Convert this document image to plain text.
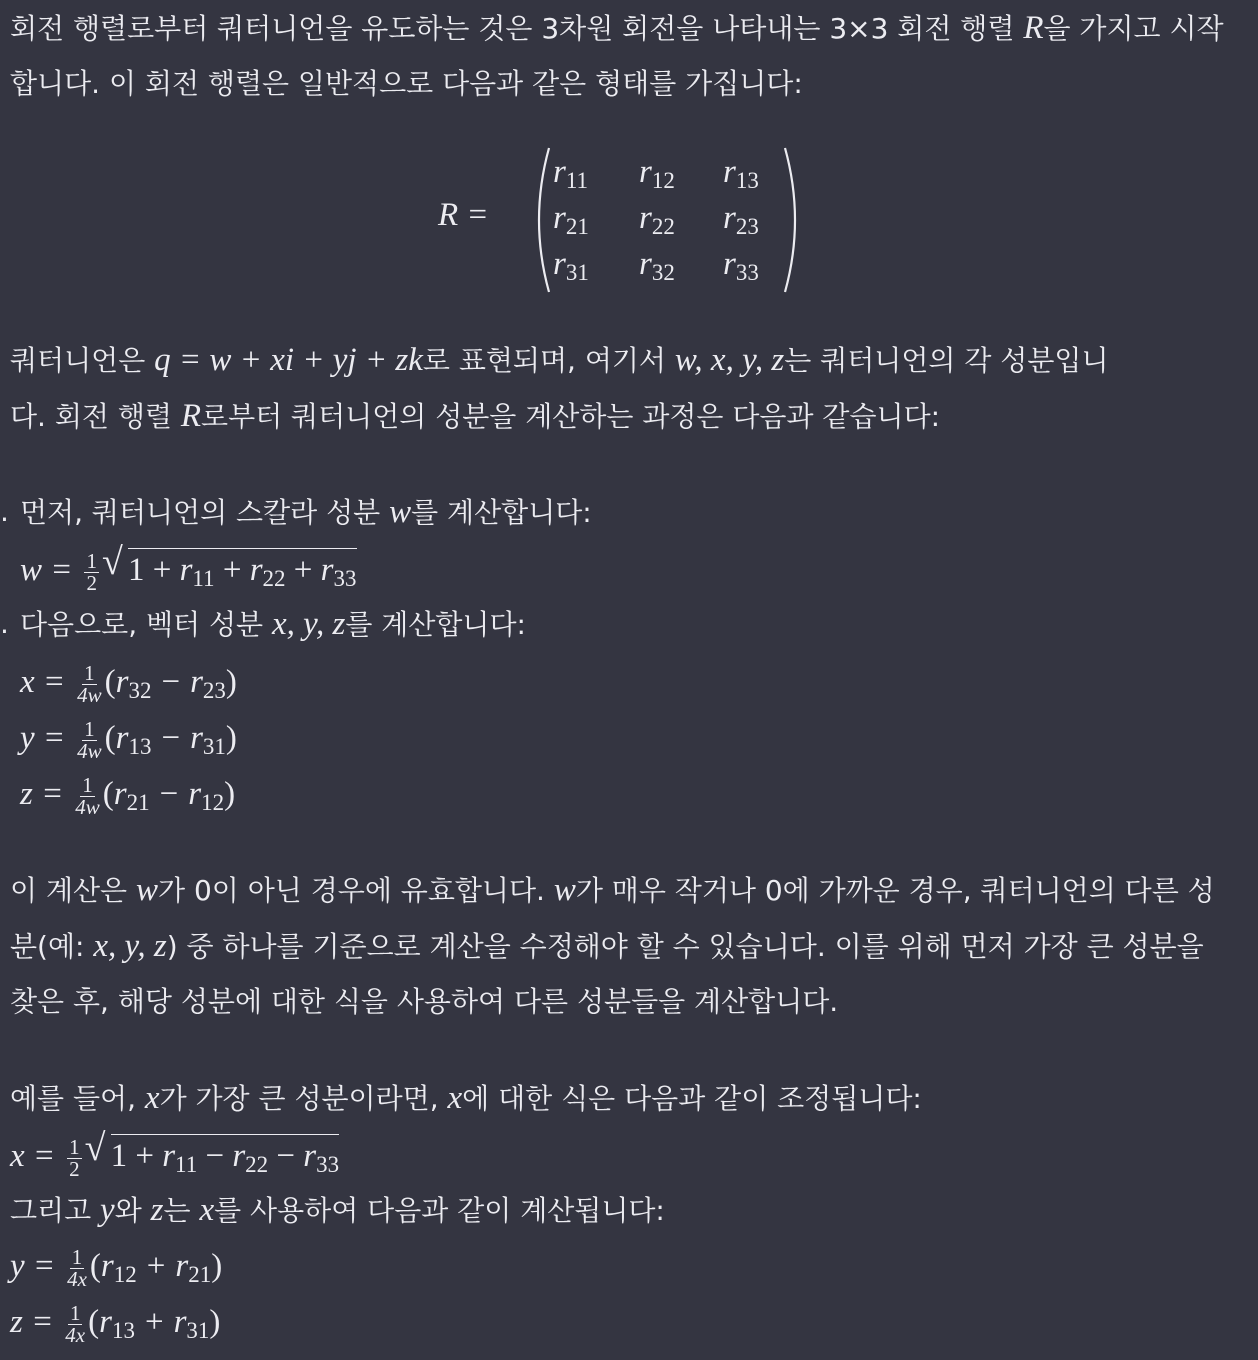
회전 행렬로부터 쿼터니언을 유도하는 것은 3차원 회전을 나타내는 3×3 회전 행렬 R을 가지고 시작
합니다. 이 회전 행렬은 일반적으로 다음과 같은 형태를 가집니다:
R =
$r_{11}$ $r_{12}$ $r_{13}$
$r_{21}$ $r_{22}$ $r_{23}$
$r_{31}$ $r_{32}$ $r_{33}$
쿼터니언은 q = w + xi + yj + zk로 표현되며, 여기서 w, x, y, z는 쿼터니언의 각 성분입니
다. 회전 행렬 R로부터 쿼터니언의 성분을 계산하는 과정은 다음과 같습니다:
. 먼저, 쿼터니언의 스칼라 성분 w를 계산합니다:
$w = \frac{1}{2}$ √ $1 + r_{11} + r_{22} + r_{33}$
. 다음으로, 벡터 성분 x, y, z를 계산합니다:
$x = \frac{1}{4w} (r_{32} - r_{23})$
$y = \frac{1}{4w} (r_{13} - r_{31})$
$z = \frac{1}{4w} (r_{21} - r_{12})$
이 계산은 w가 0이 아닌 경우에 유효합니다. w가 매우 작거나 0에 가까운 경우, 쿼터니언의 다른 성
분(예: x, y, z) 중 하나를 기준으로 계산을 수정해야 할 수 있습니다. 이를 위해 먼저 가장 큰 성분을
찾은 후, 해당 성분에 대한 식을 사용하여 다른 성분들을 계산합니다.
예를 들어, x가 가장 큰 성분이라면, x에 대한 식은 다음과 같이 조정됩니다:
$x = \frac{1}{2}$ √ $1 + r_{11} - r_{22} - r_{33}$
그리고 y와 z는 x를 사용하여 다음과 같이 계산됩니다:
$y = \frac{1}{4x} (r_{12} + r_{21})$
$z = \frac{1}{4x} (r_{13} + r_{31})$
